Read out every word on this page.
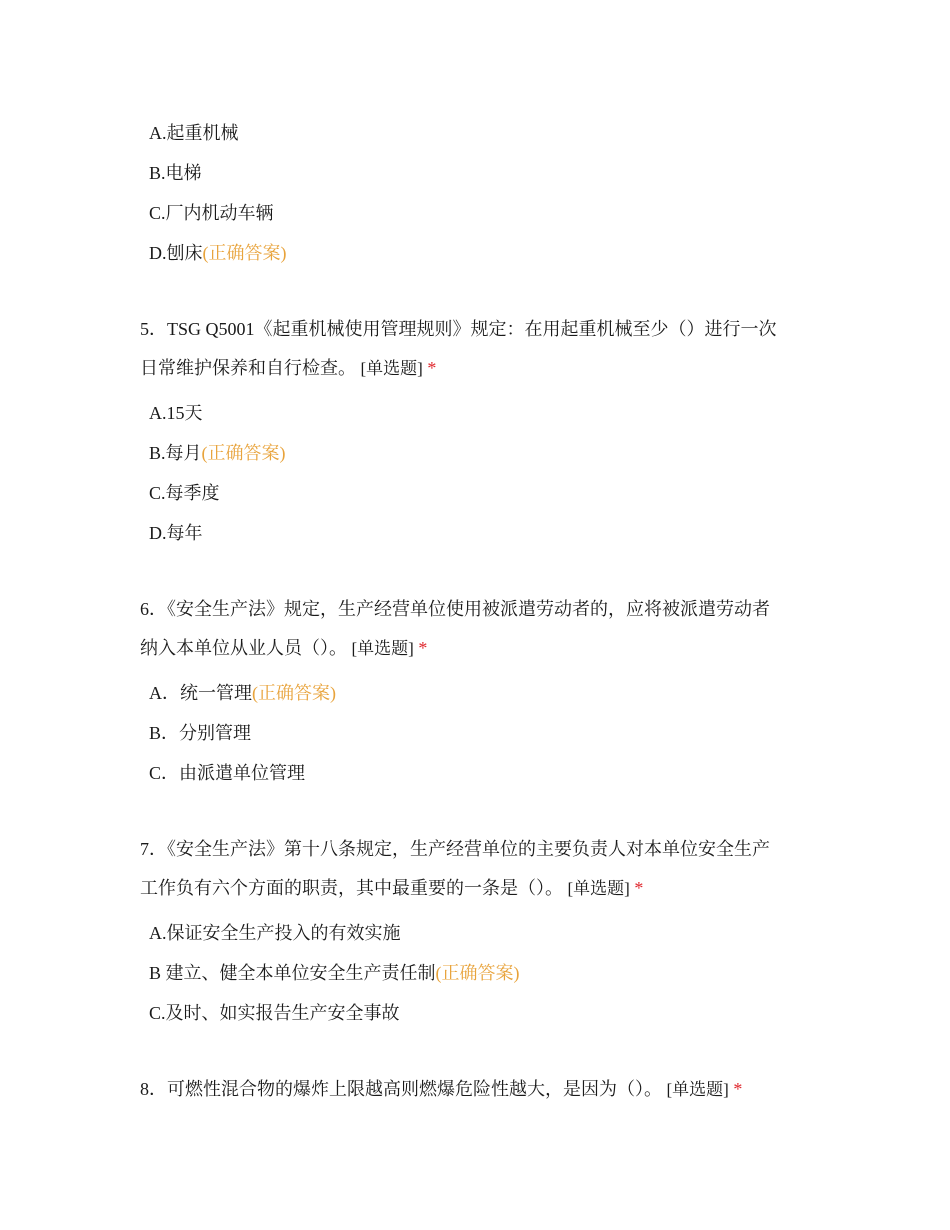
A.起重机械
B.电梯
C.厂内机动车辆
D.刨床(正确答案)
5．TSG Q5001《起重机械使用管理规则》规定：在用起重机械至少（）进行一次
日常维护保养和自行检查。 [单选题] *
A.15天
B.每月(正确答案)
C.每季度
D.每年
6．《安全生产法》规定，生产经营单位使用被派遣劳动者的，应将被派遣劳动者
纳入本单位从业人员（）。 [单选题] *
A．统一管理(正确答案)
B．分别管理
C．由派遣单位管理
7．《安全生产法》第十八条规定，生产经营单位的主要负责人对本单位安全生产
工作负有六个方面的职责，其中最重要的一条是（）。 [单选题] *
A.保证安全生产投入的有效实施
B 建立、健全本单位安全生产责任制(正确答案)
C.及时、如实报告生产安全事故
8．可燃性混合物的爆炸上限越高则燃爆危险性越大，是因为（）。 [单选题] *
